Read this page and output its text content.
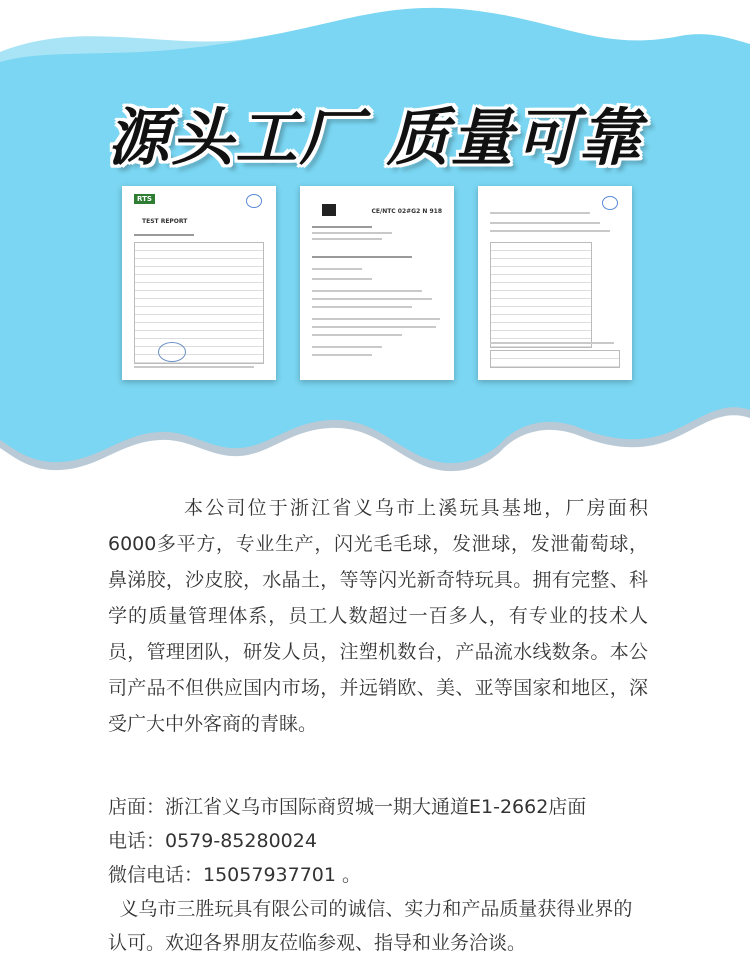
源头工厂 质量可靠
RTS
TEST REPORT
CE/NTC 02#G2 N 918

本公司位于浙江省义乌市上溪玩具基地，厂房面积6000多平方，专业生产，闪光毛毛球，发泄球，发泄葡萄球，鼻涕胶，沙皮胶，水晶土，等等闪光新奇特玩具。拥有完整、科学的质量管理体系，员工人数超过一百多人，有专业的技术人员，管理团队，研发人员，注塑机数台，产品流水线数条。本公司产品不但供应国内市场，并远销欧、美、亚等国家和地区，深受广大中外客商的青睐。

店面：浙江省义乌市国际商贸城一期大通道E1-2662店面
电话：0579-85280024
微信电话：15057937701 。

义乌市三胜玩具有限公司的诚信、实力和产品质量获得业界的认可。欢迎各界朋友莅临参观、指导和业务洽谈。
